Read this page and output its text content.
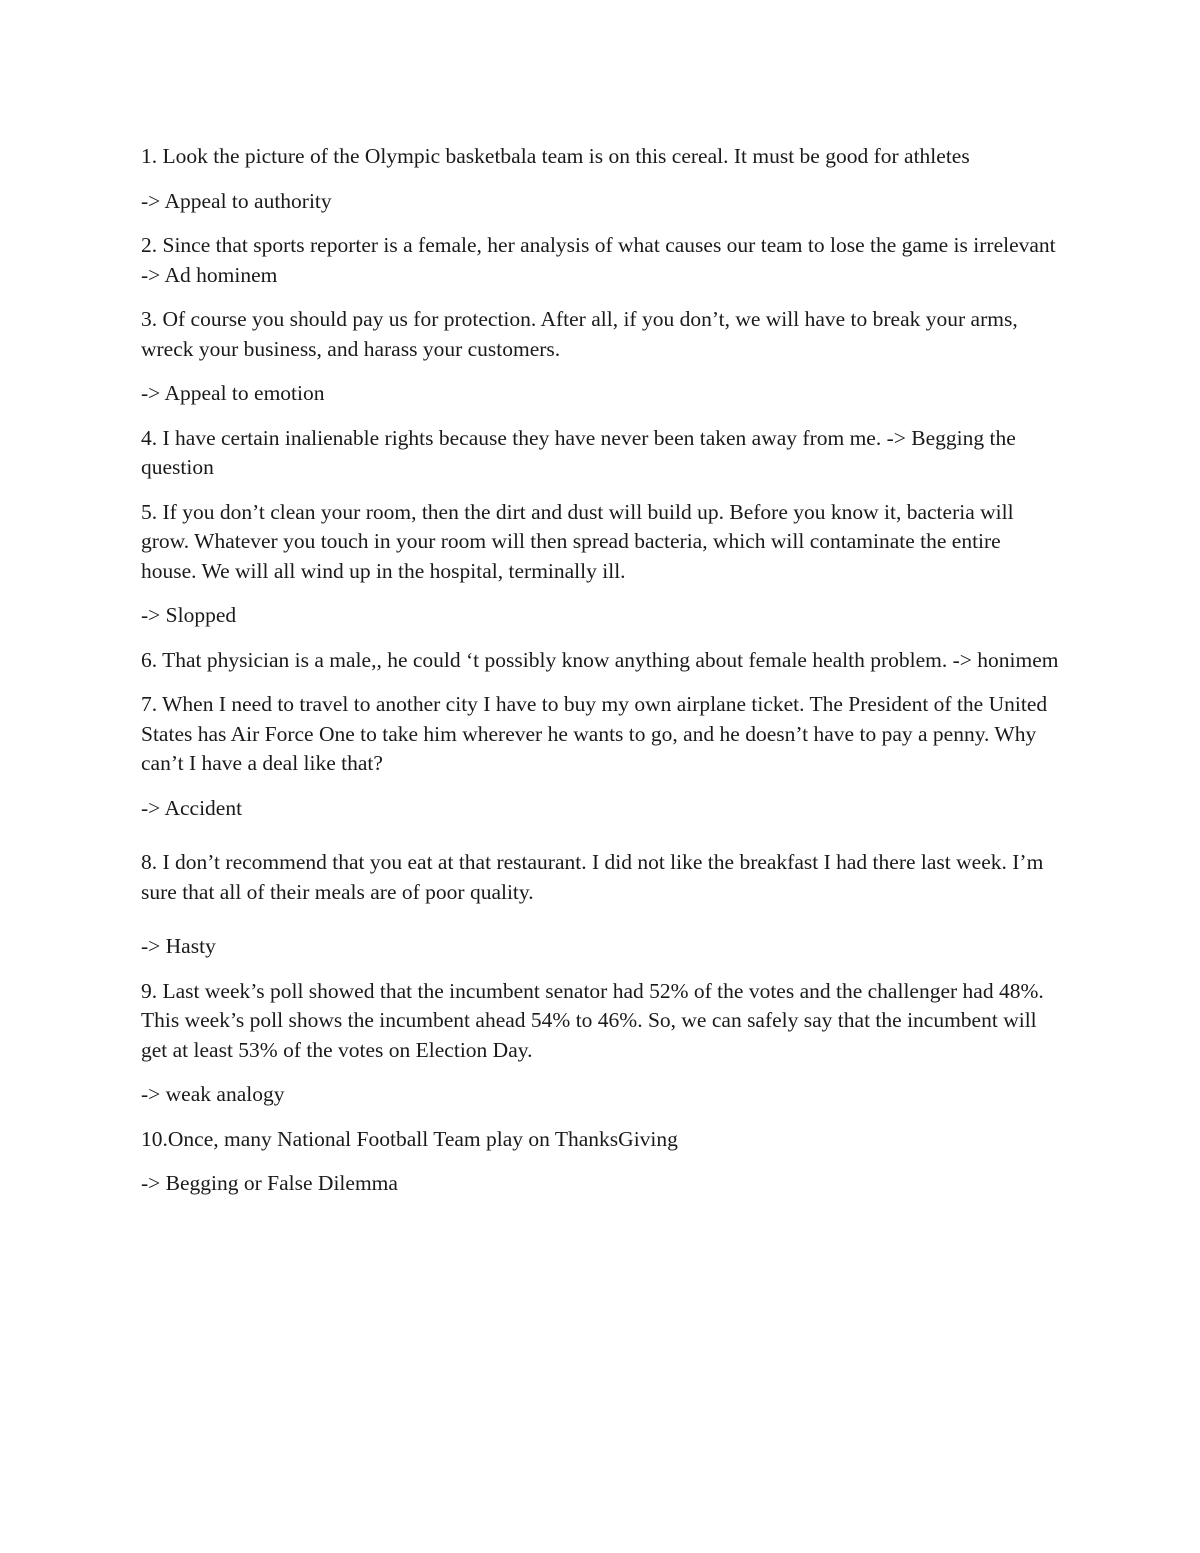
1. Look the picture of the Olympic basketbala team is on this cereal. It must be good for athletes

-> Appeal to authority

2. Since that sports reporter is a female, her analysis of what causes our team to lose the game is irrelevant -> Ad hominem

3. Of course you should pay us for protection. After all, if you don’t, we will have to break your arms, wreck your business, and harass your customers.

-> Appeal to emotion

4. I have certain inalienable rights because they have never been taken away from me. -> Begging the question

5. If you don’t clean your room, then the dirt and dust will build up. Before you know it, bacteria will grow. Whatever you touch in your room will then spread bacteria, which will contaminate the entire house. We will all wind up in the hospital, terminally ill.

-> Slopped

6. That physician is a male,, he could ‘t possibly know anything about female health problem. -> honimem

7. When I need to travel to another city I have to buy my own airplane ticket. The President of the United States has Air Force One to take him wherever he wants to go, and he doesn’t have to pay a penny. Why can’t I have a deal like that?

-> Accident

8. I don’t recommend that you eat at that restaurant. I did not like the breakfast I had there last week. I’m sure that all of their meals are of poor quality.

-> Hasty

9. Last week’s poll showed that the incumbent senator had 52% of the votes and the challenger had 48%. This week’s poll shows the incumbent ahead 54% to 46%. So, we can safely say that the incumbent will get at least 53% of the votes on Election Day.

-> weak analogy

10.Once, many National Football Team play on ThanksGiving

-> Begging or False Dilemma
